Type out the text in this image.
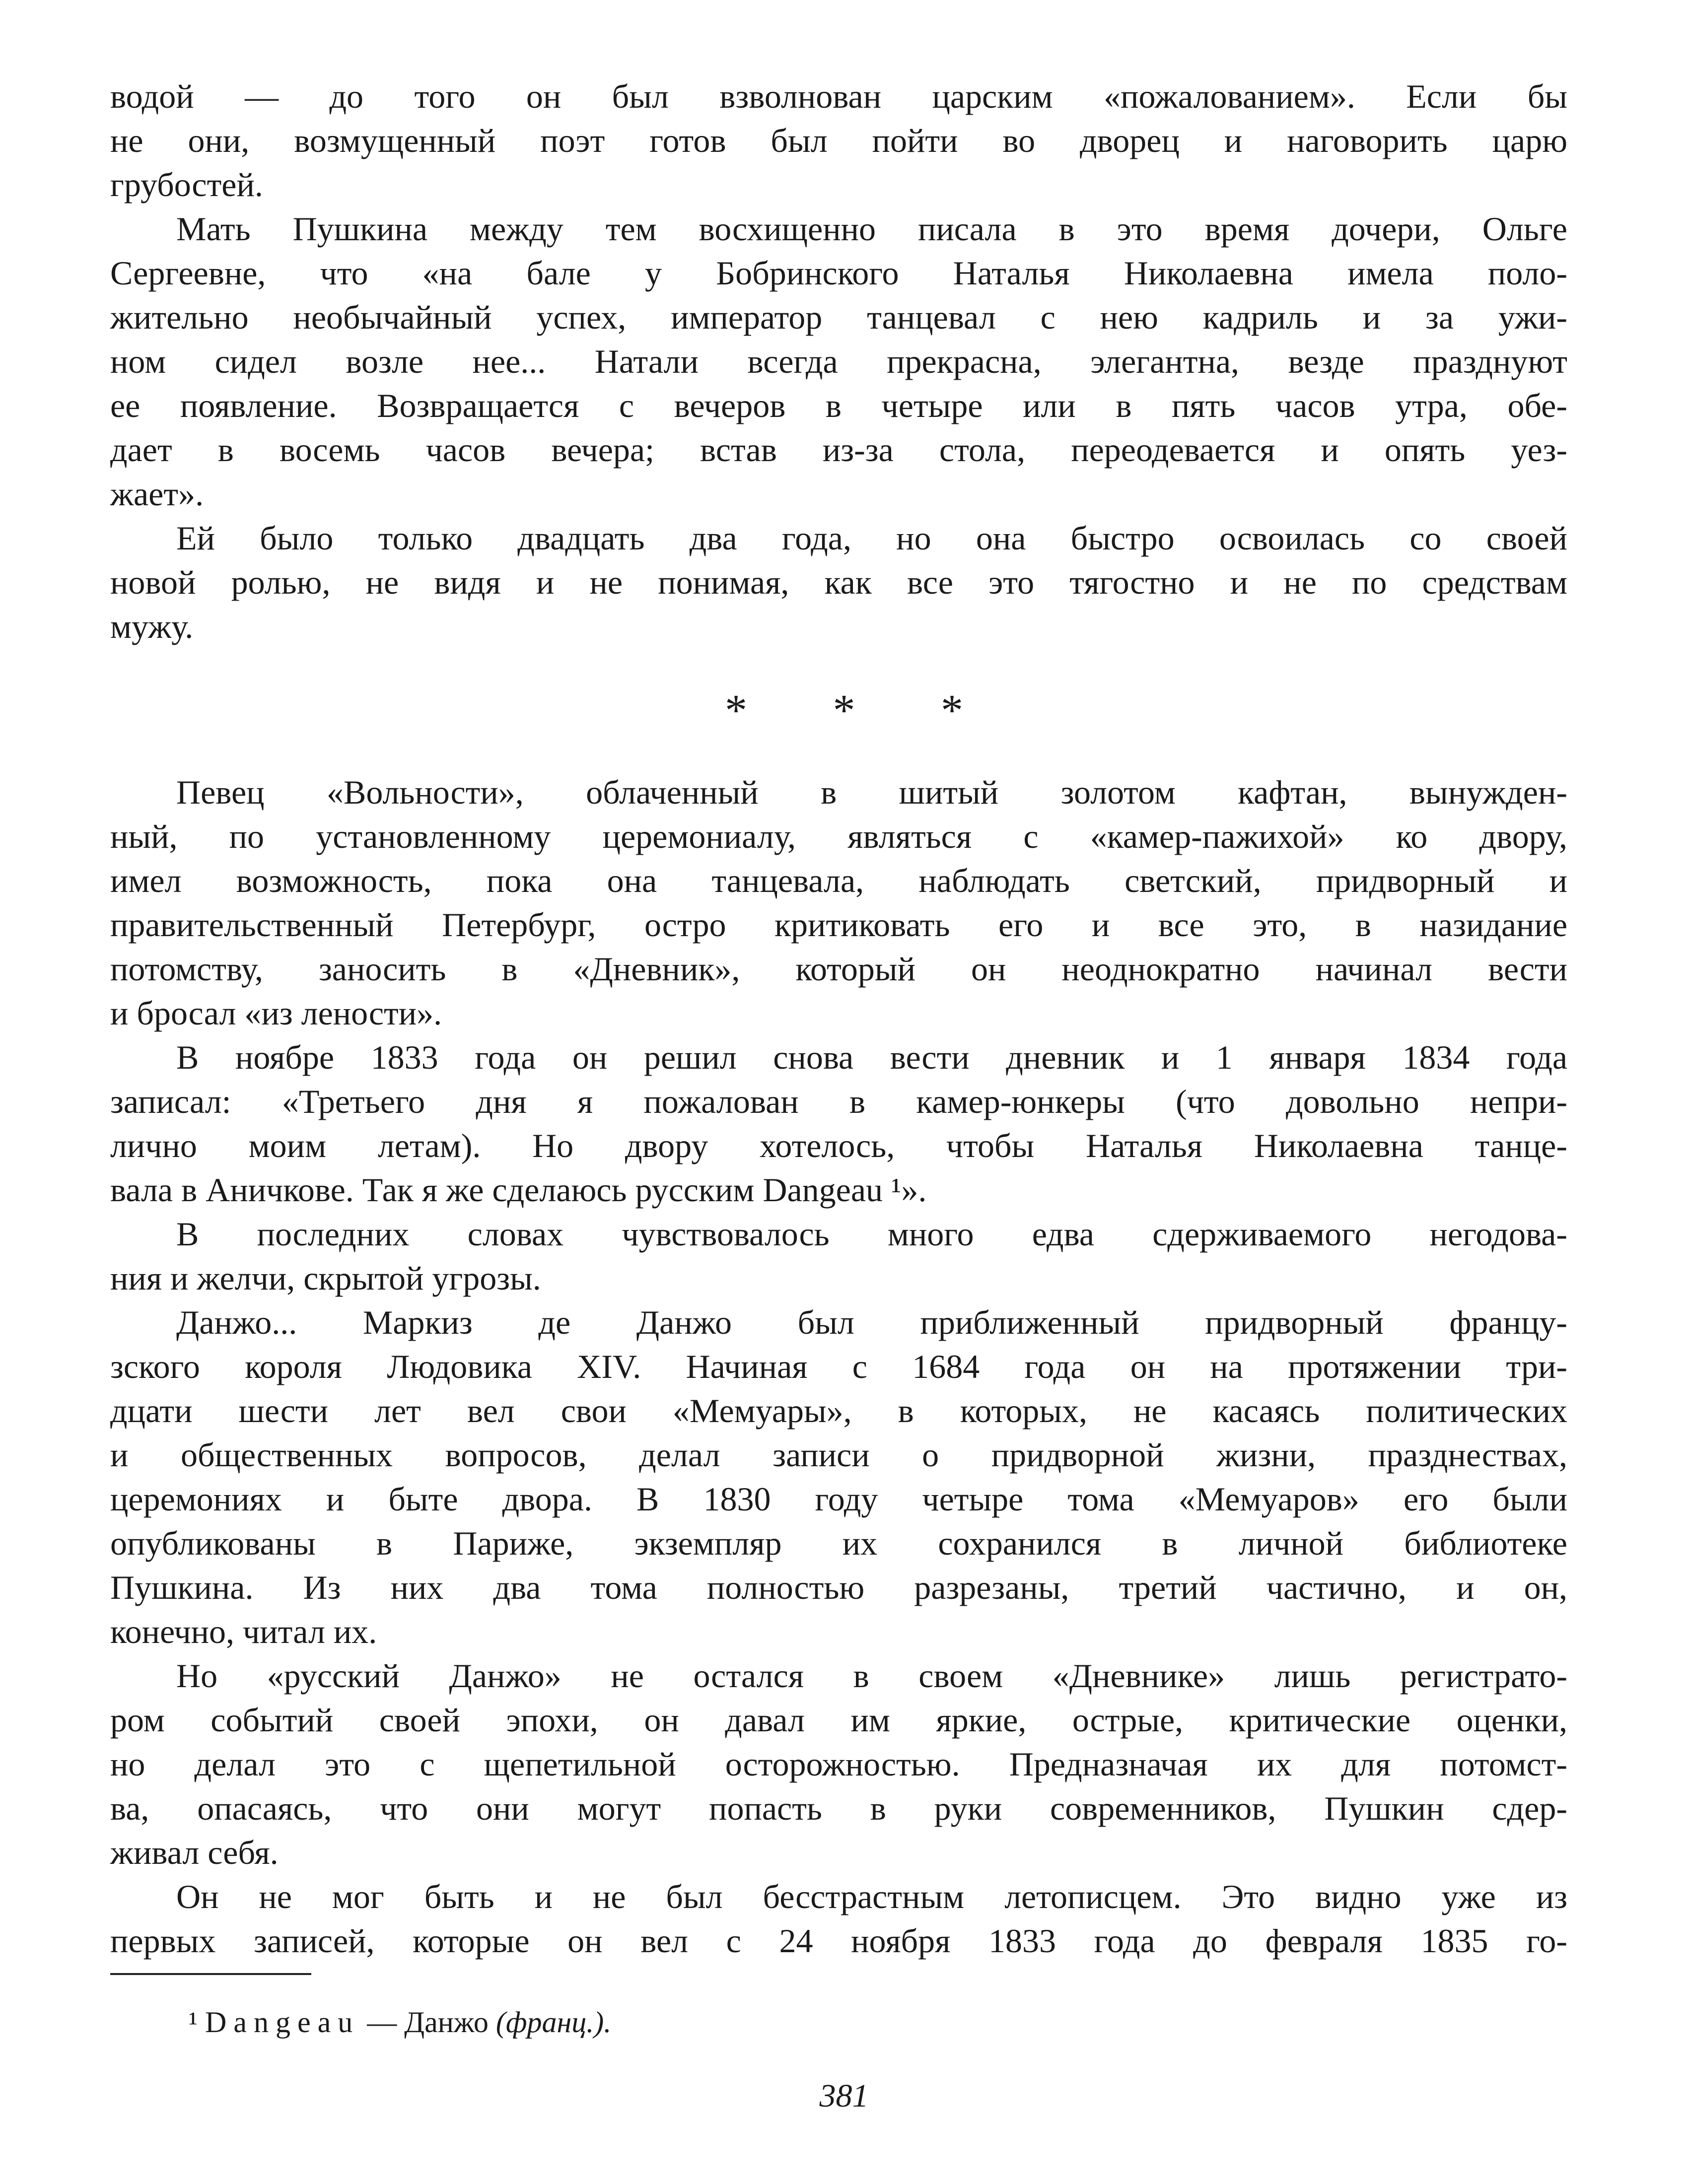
водой — до того он был взволнован царским «пожалованием». Если бы
не они, возмущенный поэт готов был пойти во дворец и наговорить царю
грубостей.
Мать Пушкина между тем восхищенно писала в это время дочери, Ольге
Сергеевне, что «на бале у Бобринского Наталья Николаевна имела поло-
жительно необычайный успех, император танцевал с нею кадриль и за ужи-
ном сидел возле нее... Натали всегда прекрасна, элегантна, везде празднуют
ее появление. Возвращается с вечеров в четыре или в пять часов утра, обе-
дает в восемь часов вечера; встав из-за стола, переодевается и опять уез-
жает».
Ей было только двадцать два года, но она быстро освоилась со своей
новой ролью, не видя и не понимая, как все это тягостно и не по средствам
мужу.
* * *
Певец «Вольности», облаченный в шитый золотом кафтан, вынужден-
ный, по установленному церемониалу, являться с «камер-пажихой» ко двору,
имел возможность, пока она танцевала, наблюдать светский, придворный и
правительственный Петербург, остро критиковать его и все это, в назидание
потомству, заносить в «Дневник», который он неоднократно начинал вести
и бросал «из лености».
В ноябре 1833 года он решил снова вести дневник и 1 января 1834 года
записал: «Третьего дня я пожалован в камер-юнкеры (что довольно непри-
лично моим летам). Но двору хотелось, чтобы Наталья Николаевна танце-
вала в Аничкове. Так я же сделаюсь русским Dangeau ¹».
В последних словах чувствовалось много едва сдерживаемого негодова-
ния и желчи, скрытой угрозы.
Данжо... Маркиз де Данжо был приближенный придворный францу-
зского короля Людовика XIV. Начиная с 1684 года он на протяжении три-
дцати шести лет вел свои «Мемуары», в которых, не касаясь политических
и общественных вопросов, делал записи о придворной жизни, празднествах,
церемониях и быте двора. В 1830 году четыре тома «Мемуаров» его были
опубликованы в Париже, экземпляр их сохранился в личной библиотеке
Пушкина. Из них два тома полностью разрезаны, третий частично, и он,
конечно, читал их.
Но «русский Данжо» не остался в своем «Дневнике» лишь регистрато-
ром событий своей эпохи, он давал им яркие, острые, критические оценки,
но делал это с щепетильной осторожностью. Предназначая их для потомст-
ва, опасаясь, что они могут попасть в руки современников, Пушкин сдер-
живал себя.
Он не мог быть и не был бесстрастным летописцем. Это видно уже из
первых записей, которые он вел с 24 ноября 1833 года до февраля 1835 го-
¹ Dangeau — Данжо (франц.).
381
